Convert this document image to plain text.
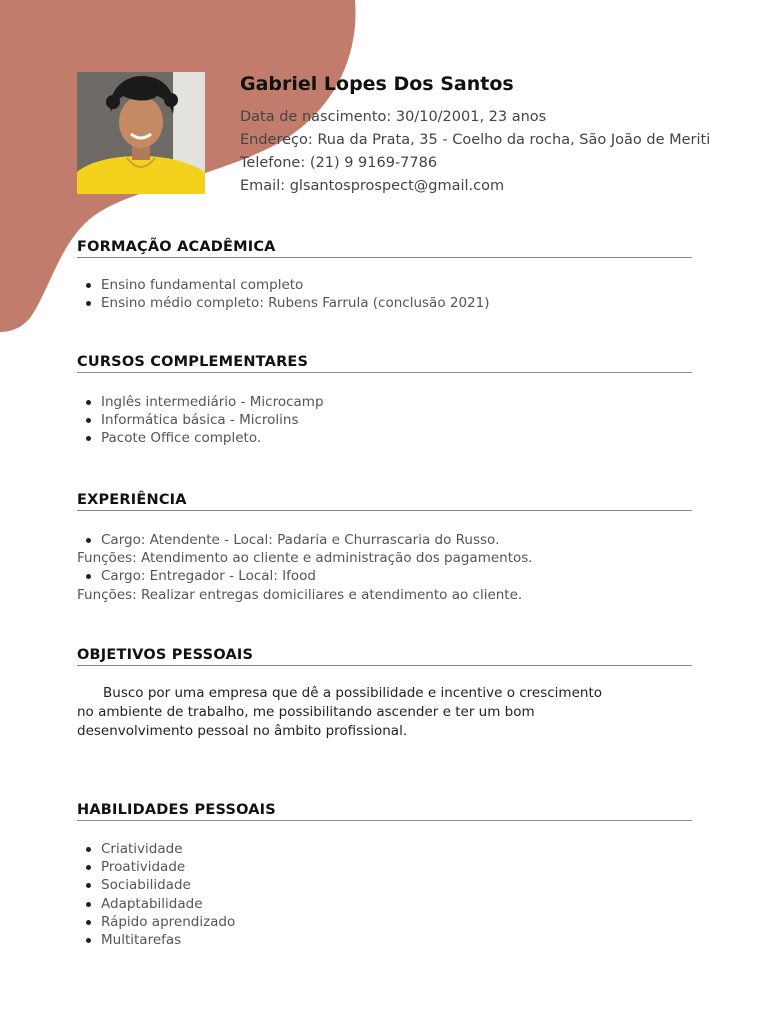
Gabriel Lopes Dos Santos
Data de nascimento: 30/10/2001, 23 anos
Endereço: Rua da Prata, 35 - Coelho da rocha, São João de Meriti
Telefone: (21) 9 9169-7786
Email: glsantosprospect@gmail.com
FORMAÇÃO ACADÊMICA
Ensino fundamental completo
Ensino médio completo: Rubens Farrula (conclusão 2021)
CURSOS COMPLEMENTARES
Inglês intermediário - Microcamp
Informática básica - Microlins
Pacote Office completo.
EXPERIÊNCIA
Cargo: Atendente - Local: Padaria e Churrascaria do Russo.
Funções: Atendimento ao cliente e administração dos pagamentos.
Cargo: Entregador - Local: Ifood
Funções: Realizar entregas domiciliares e atendimento ao cliente.
OBJETIVOS PESSOAIS
Busco por uma empresa que dê a possibilidade e incentive o crescimento
no ambiente de trabalho, me possibilitando ascender e ter um bom
desenvolvimento pessoal no âmbito profissional.
HABILIDADES PESSOAIS
Criatividade
Proatividade
Sociabilidade
Adaptabilidade
Rápido aprendizado
Multitarefas
